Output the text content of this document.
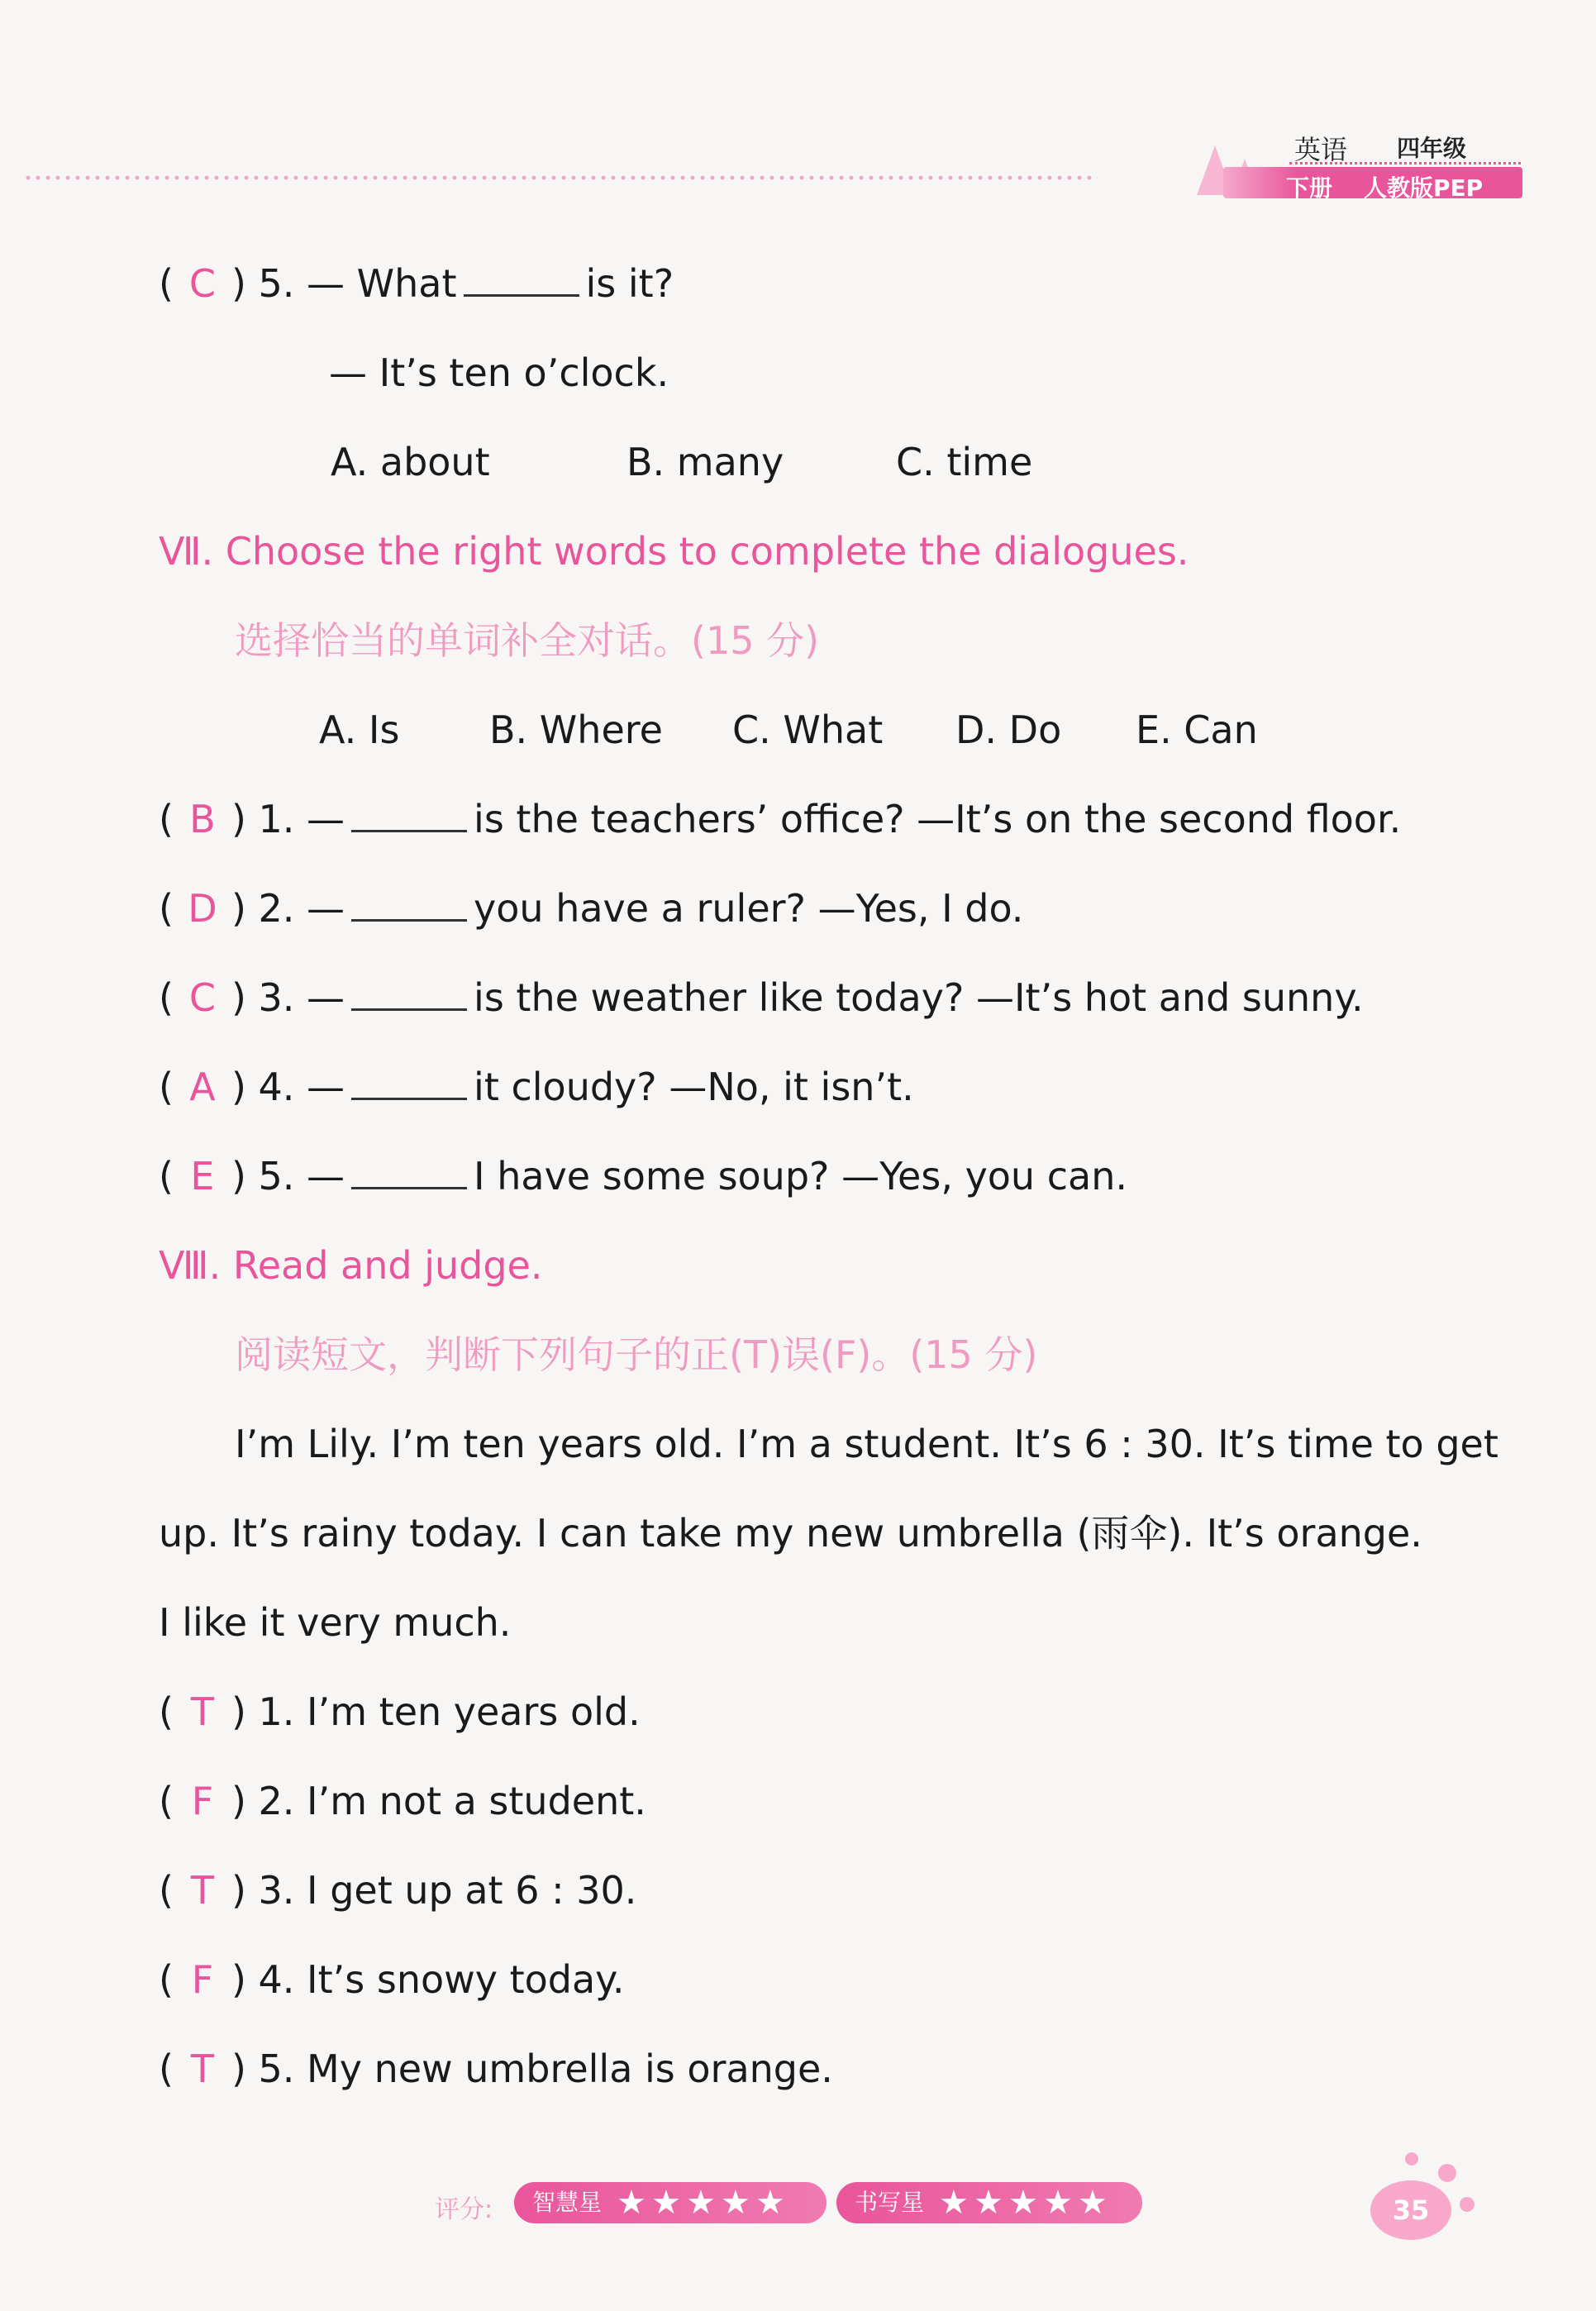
英语 四年级
下册 人教版PEP
( C ) 5. — What	is it?
— It’s ten o’clock.
A. about	B. many	C. time
Ⅶ. Choose the right words to complete the dialogues.
选择恰当的单词补全对话。(15 分)
A. Is B. Where C. What D. Do E. Can
( B ) 1. —	is the teachers’ office? —It’s on the second floor.
( D ) 2. —	you have a ruler? —Yes, I do.
( C ) 3. —	is the weather like today? —It’s hot and sunny.
( A ) 4. —	it cloudy? —No, it isn’t.
( E ) 5. —	I have some soup? —Yes, you can.
Ⅷ. Read and judge.
阅读短文，判断下列句子的正(T)误(F)。(15 分)
I’m Lily. I’m ten years old. I’m a student. It’s 6 : 30. It’s time to get
up. It’s rainy today. I can take my new umbrella (雨伞). It’s orange.
I like it very much.
( T ) 1. I’m ten years old.
( F ) 2. I’m not a student.
( T ) 3. I get up at 6 : 30.
( F ) 4. It’s snowy today.
( T ) 5. My new umbrella is orange.
评分:	智慧星 ★ ★ ★ ★ ★	书写星 ★ ★ ★ ★ ★	35
